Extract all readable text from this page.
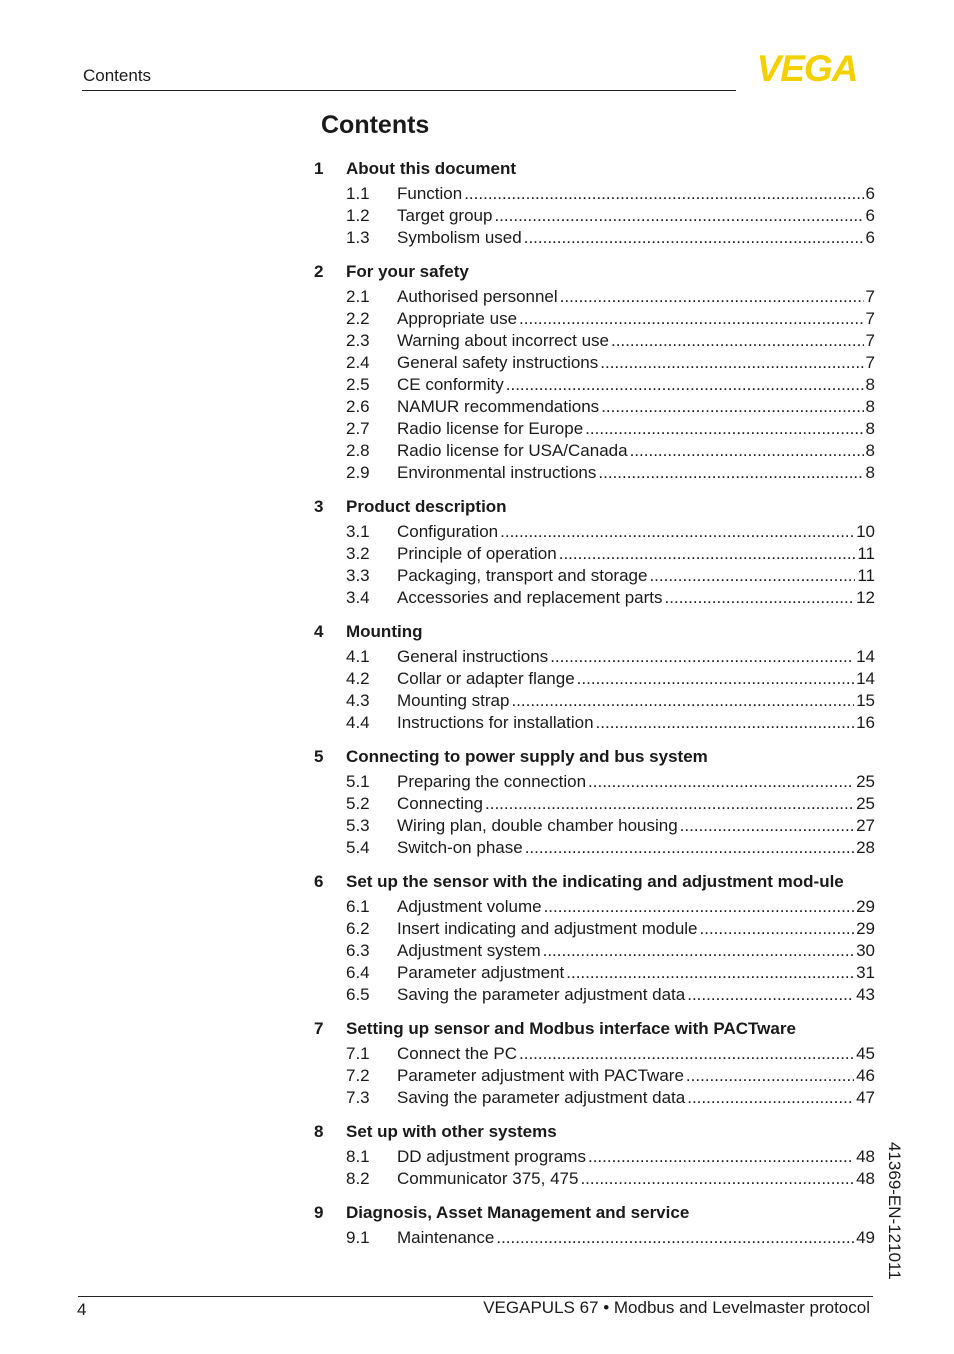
Contents	VEGA
Contents
1	About this document
1.1	Function .....	6
1.2	Target group .....	6
1.3	Symbolism used .....	6
2	For your safety
2.1	Authorised personnel .....	7
2.2	Appropriate use .....	7
2.3	Warning about incorrect use .....	7
2.4	General safety instructions .....	7
2.5	CE conformity .....	8
2.6	NAMUR recommendations .....	8
2.7	Radio license for Europe .....	8
2.8	Radio license for USA/Canada .....	8
2.9	Environmental instructions .....	8
3	Product description
3.1	Configuration .....	10
3.2	Principle of operation .....	11
3.3	Packaging, transport and storage .....	11
3.4	Accessories and replacement parts .....	12
4	Mounting
4.1	General instructions .....	14
4.2	Collar or adapter flange .....	14
4.3	Mounting strap .....	15
4.4	Instructions for installation .....	16
5	Connecting to power supply and bus system
5.1	Preparing the connection .....	25
5.2	Connecting .....	25
5.3	Wiring plan, double chamber housing .....	27
5.4	Switch-on phase .....	28
6	Set up the sensor with the indicating and adjustment mod-ule
6.1	Adjustment volume .....	29
6.2	Insert indicating and adjustment module .....	29
6.3	Adjustment system .....	30
6.4	Parameter adjustment .....	31
6.5	Saving the parameter adjustment data .....	43
7	Setting up sensor and Modbus interface with PACTware
7.1	Connect the PC .....	45
7.2	Parameter adjustment with PACTware .....	46
7.3	Saving the parameter adjustment data .....	47
8	Set up with other systems
8.1	DD adjustment programs .....	48
8.2	Communicator 375, 475 .....	48
9	Diagnosis, Asset Management and service
9.1	Maintenance .....	49 41369-EN-121011
4	VEGAPULS 67 • Modbus and Levelmaster protocol
